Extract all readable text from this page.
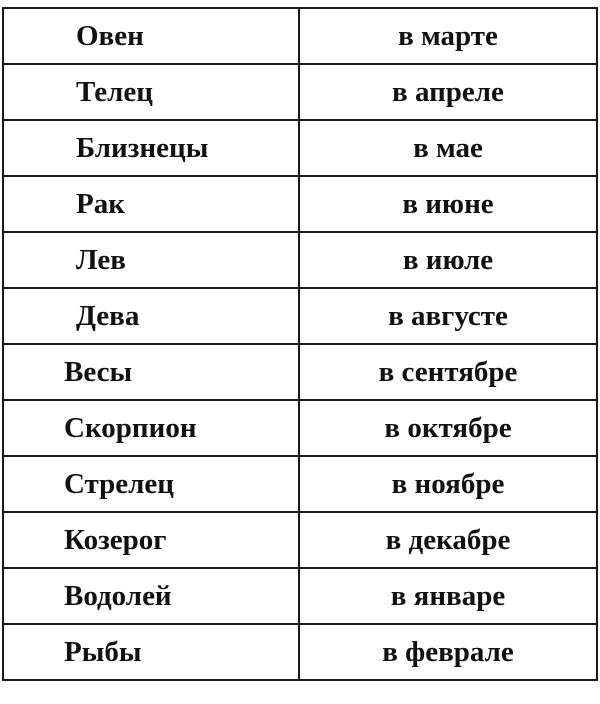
Овен	в марте
Телец	в апреле
Близнецы	в мае
Рак	в июне
Лев	в июле
Дева	в августе
Весы	в сентябре
Скорпион	в октябре
Стрелец	в ноябре
Козерог	в декабре
Водолей	в январе
Рыбы	в феврале
